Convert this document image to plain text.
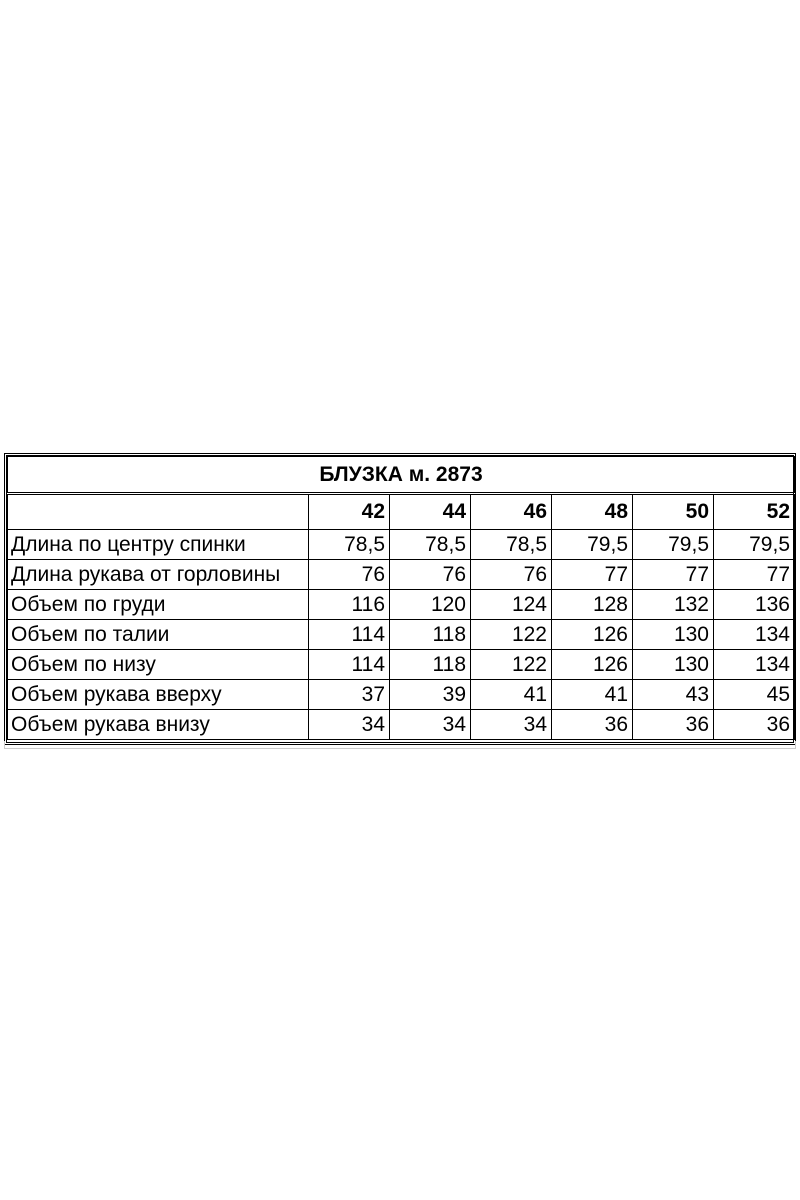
БЛУЗКА м. 2873						
	42	44	46	48	50	52
Длина по центру спинки	78,5	78,5	78,5	79,5	79,5	79,5
Длина рукава от горловины	76	76	76	77	77	77
Объем по груди	116	120	124	128	132	136
Объем по талии	114	118	122	126	130	134
Объем по низу	114	118	122	126	130	134
Объем рукава вверху	37	39	41	41	43	45
Объем рукава внизу	34	34	34	36	36	36
